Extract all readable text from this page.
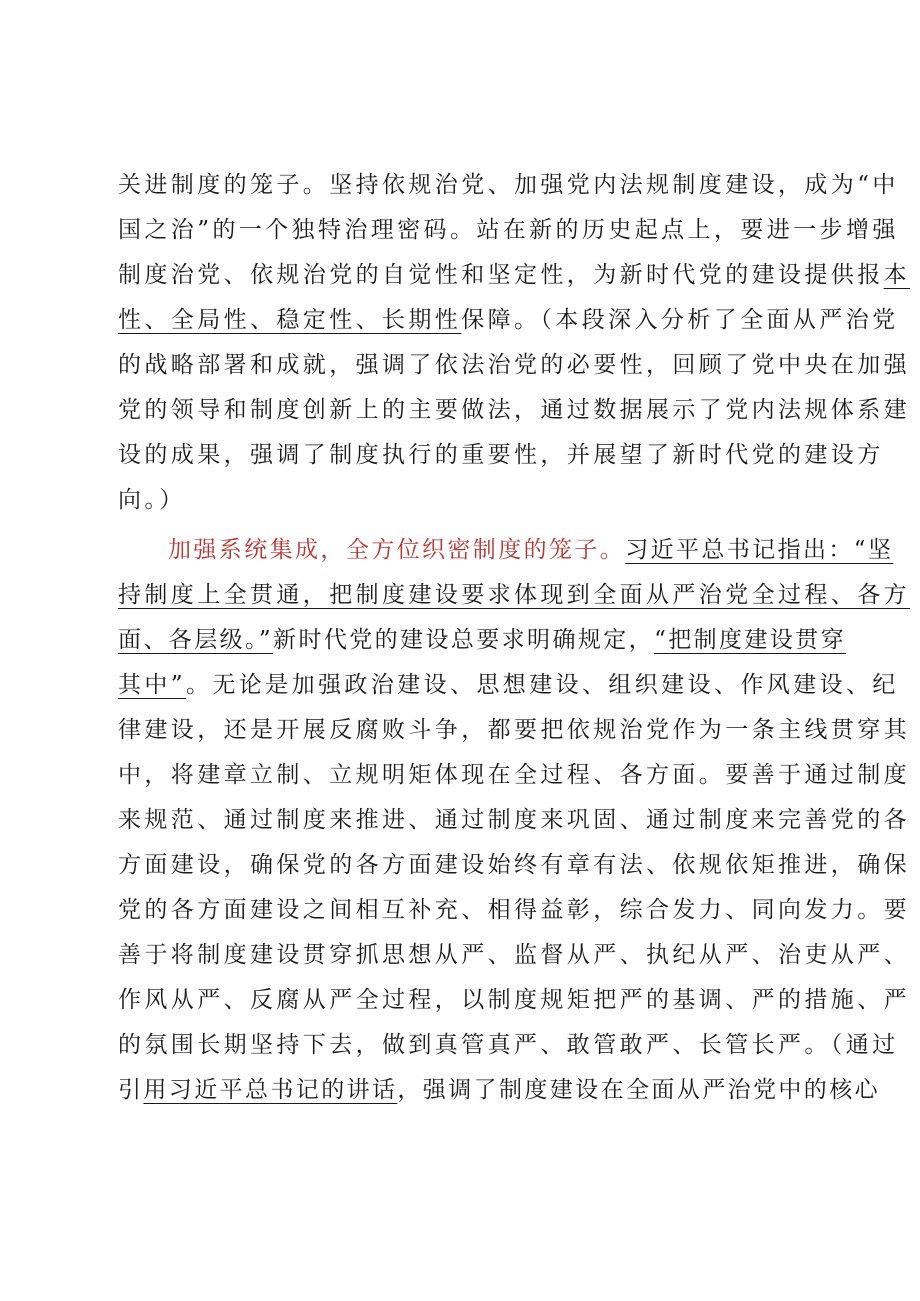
关进制度的笼子。坚持依规治党、加强党内法规制度建设，成为“中
国之治”的一个独特治理密码。站在新的历史起点上，要进一步增强
制度治党、依规治党的自觉性和坚定性，为新时代党的建设提供报本
性、全局性、稳定性、长期性保障。（本段深入分析了全面从严治党
的战略部署和成就，强调了依法治党的必要性，回顾了党中央在加强
党的领导和制度创新上的主要做法，通过数据展示了党内法规体系建
设的成果，强调了制度执行的重要性，并展望了新时代党的建设方
向。）
加强系统集成，全方位织密制度的笼子。习近平总书记指出：“坚
持制度上全贯通，把制度建设要求体现到全面从严治党全过程、各方
面、各层级。”新时代党的建设总要求明确规定，“把制度建设贯穿
其中”。无论是加强政治建设、思想建设、组织建设、作风建设、纪
律建设，还是开展反腐败斗争，都要把依规治党作为一条主线贯穿其
中，将建章立制、立规明矩体现在全过程、各方面。要善于通过制度
来规范、通过制度来推进、通过制度来巩固、通过制度来完善党的各
方面建设，确保党的各方面建设始终有章有法、依规依矩推进，确保
党的各方面建设之间相互补充、相得益彰，综合发力、同向发力。要
善于将制度建设贯穿抓思想从严、监督从严、执纪从严、治吏从严、
作风从严、反腐从严全过程，以制度规矩把严的基调、严的措施、严
的氛围长期坚持下去，做到真管真严、敢管敢严、长管长严。（通过
引用习近平总书记的讲话，强调了制度建设在全面从严治党中的核心
